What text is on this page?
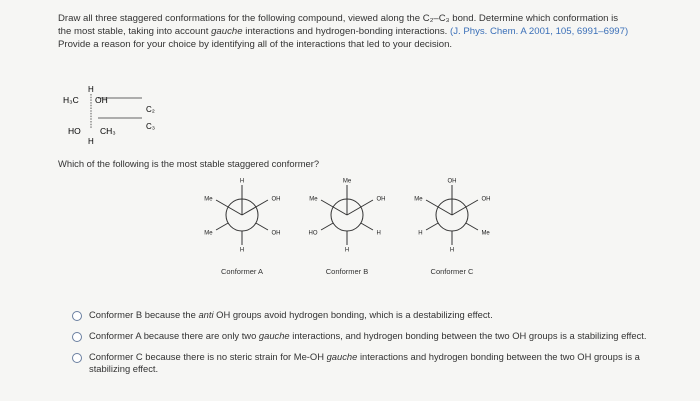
Draw all three staggered conformations for the following compound, viewed along the C₂–C₃ bond. Determine which conformation is

the most stable, taking into account gauche interactions and hydrogen-bonding interactions. (J. Phys. Chem. A 2001, 105, 6991–6997)

Provide a reason for your choice by identifying all of the interactions that led to your decision.

H
H₃C OH
C₂
C₃
HO CH₃
H
Which of the following is the most stable staggered conformer?
H
Me	OH
Me	OH
H
Me
Me	OH
HO	H
H
OH
Me	OH
H	Me
H
Conformer A	Conformer B	Conformer C
Conformer B because the anti OH groups avoid hydrogen bonding, which is a destabilizing effect.
Conformer A because there are only two gauche interactions, and hydrogen bonding between the two OH groups is a stabilizing effect.
Conformer C because there is no steric strain for Me-OH gauche interactions and hydrogen bonding between the two OH groups is a stabilizing effect.
